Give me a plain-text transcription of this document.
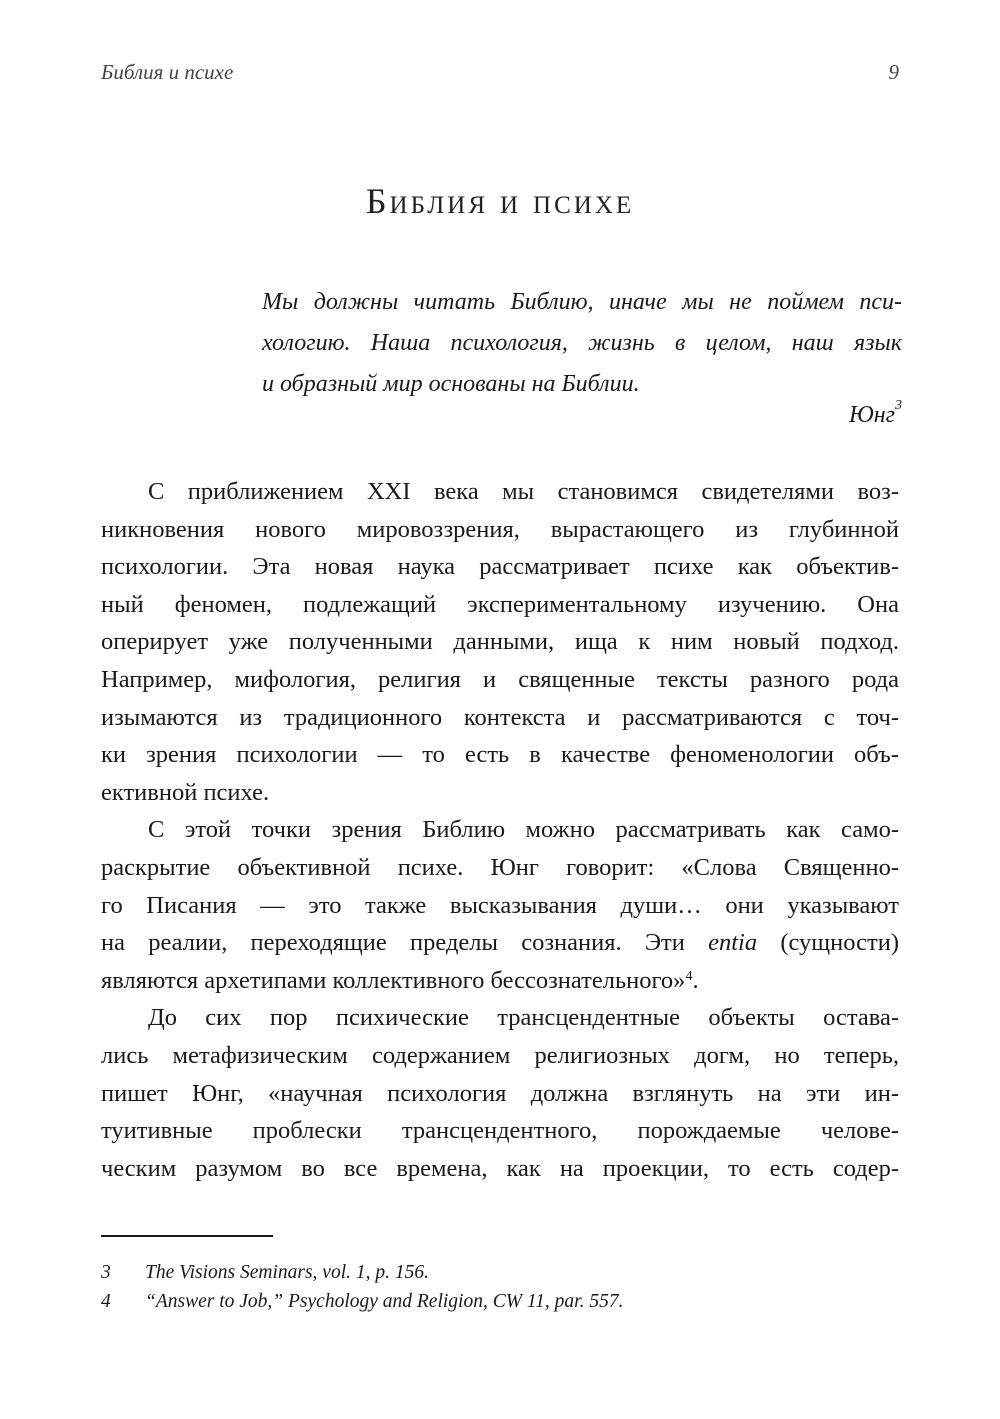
Библия и психе	9
Библия и психе
Мы должны читать Библию, иначе мы не поймем пси-
хологию. Наша психология, жизнь в целом, наш язык
и образный мир основаны на Библии.

Юнг$^3$

С приближением XXI века мы становимся свидетелями воз-
никновения нового мировоззрения, вырастающего из глубинной
психологии. Эта новая наука рассматривает психе как объектив-
ный феномен, подлежащий экспериментальному изучению. Она
оперирует уже полученными данными, ища к ним новый подход.
Например, мифология, религия и священные тексты разного рода
изымаются из традиционного контекста и рассматриваются с точ-
ки зрения психологии — то есть в качестве феноменологии объ-
ективной психе.

С этой точки зрения Библию можно рассматривать как само-
раскрытие объективной психе. Юнг говорит: «Слова Священно-
го Писания — это также высказывания души… они указывают
на реалии, переходящие пределы сознания. Эти entia (сущности)
являются архетипами коллективного бессознательного»$^4$.

До сих пор психические трансцендентные объекты остава-
лись метафизическим содержанием религиозных догм, но теперь,
пишет Юнг, «научная психология должна взглянуть на эти ин-
туитивные проблески трансцендентного, порождаемые челове-
ческим разумом во все времена, как на проекции, то есть содер-

3	The Visions Seminars, vol. 1, p. 156.
4	“Answer to Job,” Psychology and Religion, CW 11, par. 557.
